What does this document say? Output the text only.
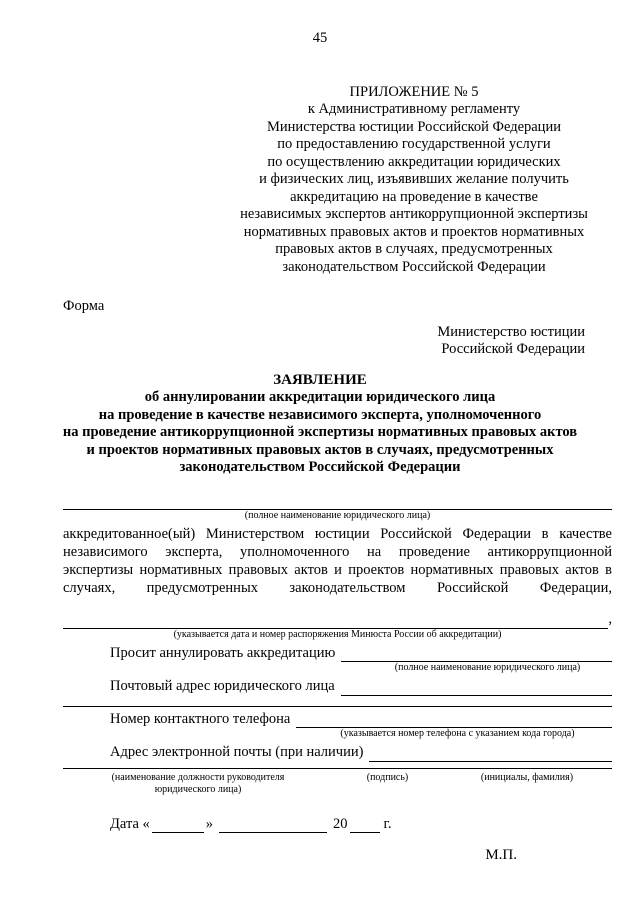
45
ПРИЛОЖЕНИЕ № 5
к Административному регламенту
Министерства юстиции Российской Федерации
по предоставлению государственной услуги
по осуществлению аккредитации юридических
и физических лиц, изъявивших желание получить
аккредитацию на проведение в качестве
независимых экспертов антикоррупционной экспертизы
нормативных правовых актов и проектов нормативных
правовых актов в случаях, предусмотренных
законодательством Российской Федерации
Форма
Министерство юстиции
Российской Федерации
ЗАЯВЛЕНИЕ
об аннулировании аккредитации юридического лица
на проведение в качестве независимого эксперта, уполномоченного
на проведение антикоррупционной экспертизы нормативных правовых актов
и проектов нормативных правовых актов в случаях, предусмотренных
законодательством Российской Федерации
(полное наименование юридического лица)

аккредитованное(ый) Министерством юстиции Российской Федерации в качестве независимого эксперта, уполномоченного на проведение антикоррупционной экспертизы нормативных правовых актов и проектов нормативных правовых актов в случаях, предусмотренных законодательством Российской Федерации,

,
(указывается дата и номер распоряжения Минюста России об аккредитации)
Просит аннулировать аккредитацию
(полное наименование юридического лица)
Почтовый адрес юридического лица
Номер контактного телефона
(указывается номер телефона с указанием кода города)
Адрес электронной почты (при наличии)
(наименование должности руководителя
юридического лица)
(подпись)	(инициалы, фамилия)
Дата «	»	20 г.
М.П.
